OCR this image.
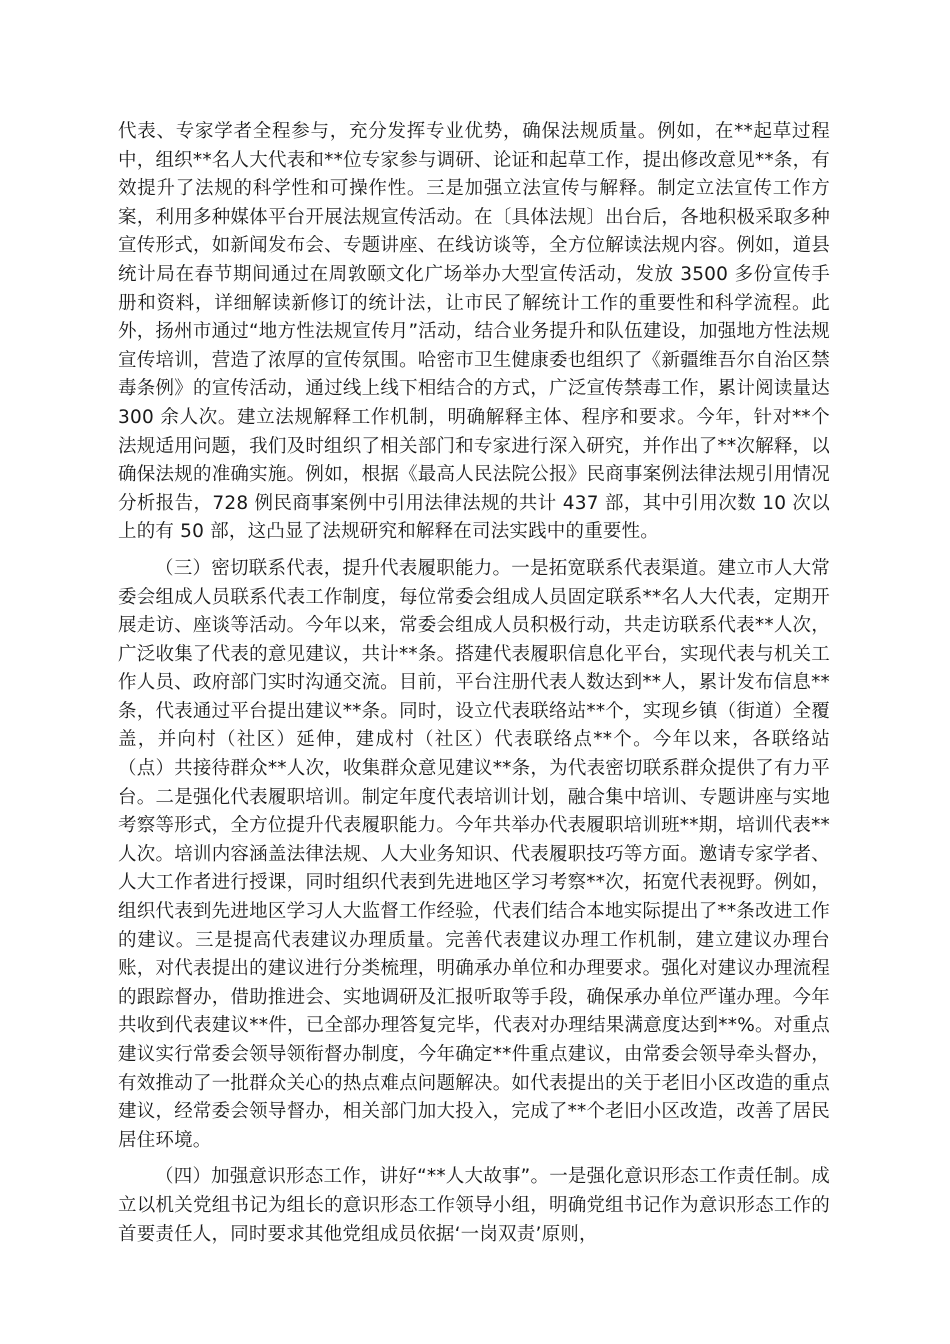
代表、专家学者全程参与，充分发挥专业优势，确保法规质量。例如，在**起草过程中，组织**名人大代表和**位专家参与调研、论证和起草工作，提出修改意见**条，有效提升了法规的科学性和可操作性。三是加强立法宣传与解释。制定立法宣传工作方案，利用多种媒体平台开展法规宣传活动。在〔具体法规〕出台后，各地积极采取多种宣传形式，如新闻发布会、专题讲座、在线访谈等，全方位解读法规内容。例如，道县统计局在春节期间通过在周敦颐文化广场举办大型宣传活动，发放 3500 多份宣传手册和资料，详细解读新修订的统计法，让市民了解统计工作的重要性和科学流程。此外，扬州市通过“地方性法规宣传月”活动，结合业务提升和队伍建设，加强地方性法规宣传培训，营造了浓厚的宣传氛围。哈密市卫生健康委也组织了《新疆维吾尔自治区禁毒条例》的宣传活动，通过线上线下相结合的方式，广泛宣传禁毒工作，累计阅读量达 300 余人次。建立法规解释工作机制，明确解释主体、程序和要求。今年，针对**个法规适用问题，我们及时组织了相关部门和专家进行深入研究，并作出了**次解释，以确保法规的准确实施。例如，根据《最高人民法院公报》民商事案例法律法规引用情况分析报告，728 例民商事案例中引用法律法规的共计 437 部，其中引用次数 10 次以上的有 50 部，这凸显了法规研究和解释在司法实践中的重要性。

（三）密切联系代表，提升代表履职能力。一是拓宽联系代表渠道。建立市人大常委会组成人员联系代表工作制度，每位常委会组成人员固定联系**名人大代表，定期开展走访、座谈等活动。今年以来，常委会组成人员积极行动，共走访联系代表**人次，广泛收集了代表的意见建议，共计**条。搭建代表履职信息化平台，实现代表与机关工作人员、政府部门实时沟通交流。目前，平台注册代表人数达到**人，累计发布信息**条，代表通过平台提出建议**条。同时，设立代表联络站**个，实现乡镇（街道）全覆盖，并向村（社区）延伸，建成村（社区）代表联络点**个。今年以来，各联络站（点）共接待群众**人次，收集群众意见建议**条，为代表密切联系群众提供了有力平台。二是强化代表履职培训。制定年度代表培训计划，融合集中培训、专题讲座与实地考察等形式，全方位提升代表履职能力。今年共举办代表履职培训班**期，培训代表**人次。培训内容涵盖法律法规、人大业务知识、代表履职技巧等方面。邀请专家学者、人大工作者进行授课，同时组织代表到先进地区学习考察**次，拓宽代表视野。例如，组织代表到先进地区学习人大监督工作经验，代表们结合本地实际提出了**条改进工作的建议。三是提高代表建议办理质量。完善代表建议办理工作机制，建立建议办理台账，对代表提出的建议进行分类梳理，明确承办单位和办理要求。强化对建议办理流程的跟踪督办，借助推进会、实地调研及汇报听取等手段，确保承办单位严谨办理。今年共收到代表建议**件，已全部办理答复完毕，代表对办理结果满意度达到**%。对重点建议实行常委会领导领衔督办制度，今年确定**件重点建议，由常委会领导牵头督办，有效推动了一批群众关心的热点难点问题解决。如代表提出的关于老旧小区改造的重点建议，经常委会领导督办，相关部门加大投入，完成了**个老旧小区改造，改善了居民居住环境。

（四）加强意识形态工作，讲好“**人大故事”。一是强化意识形态工作责任制。成立以机关党组书记为组长的意识形态工作领导小组，明确党组书记作为意识形态工作的首要责任人，同时要求其他党组成员依据‘一岗双责’原则，
